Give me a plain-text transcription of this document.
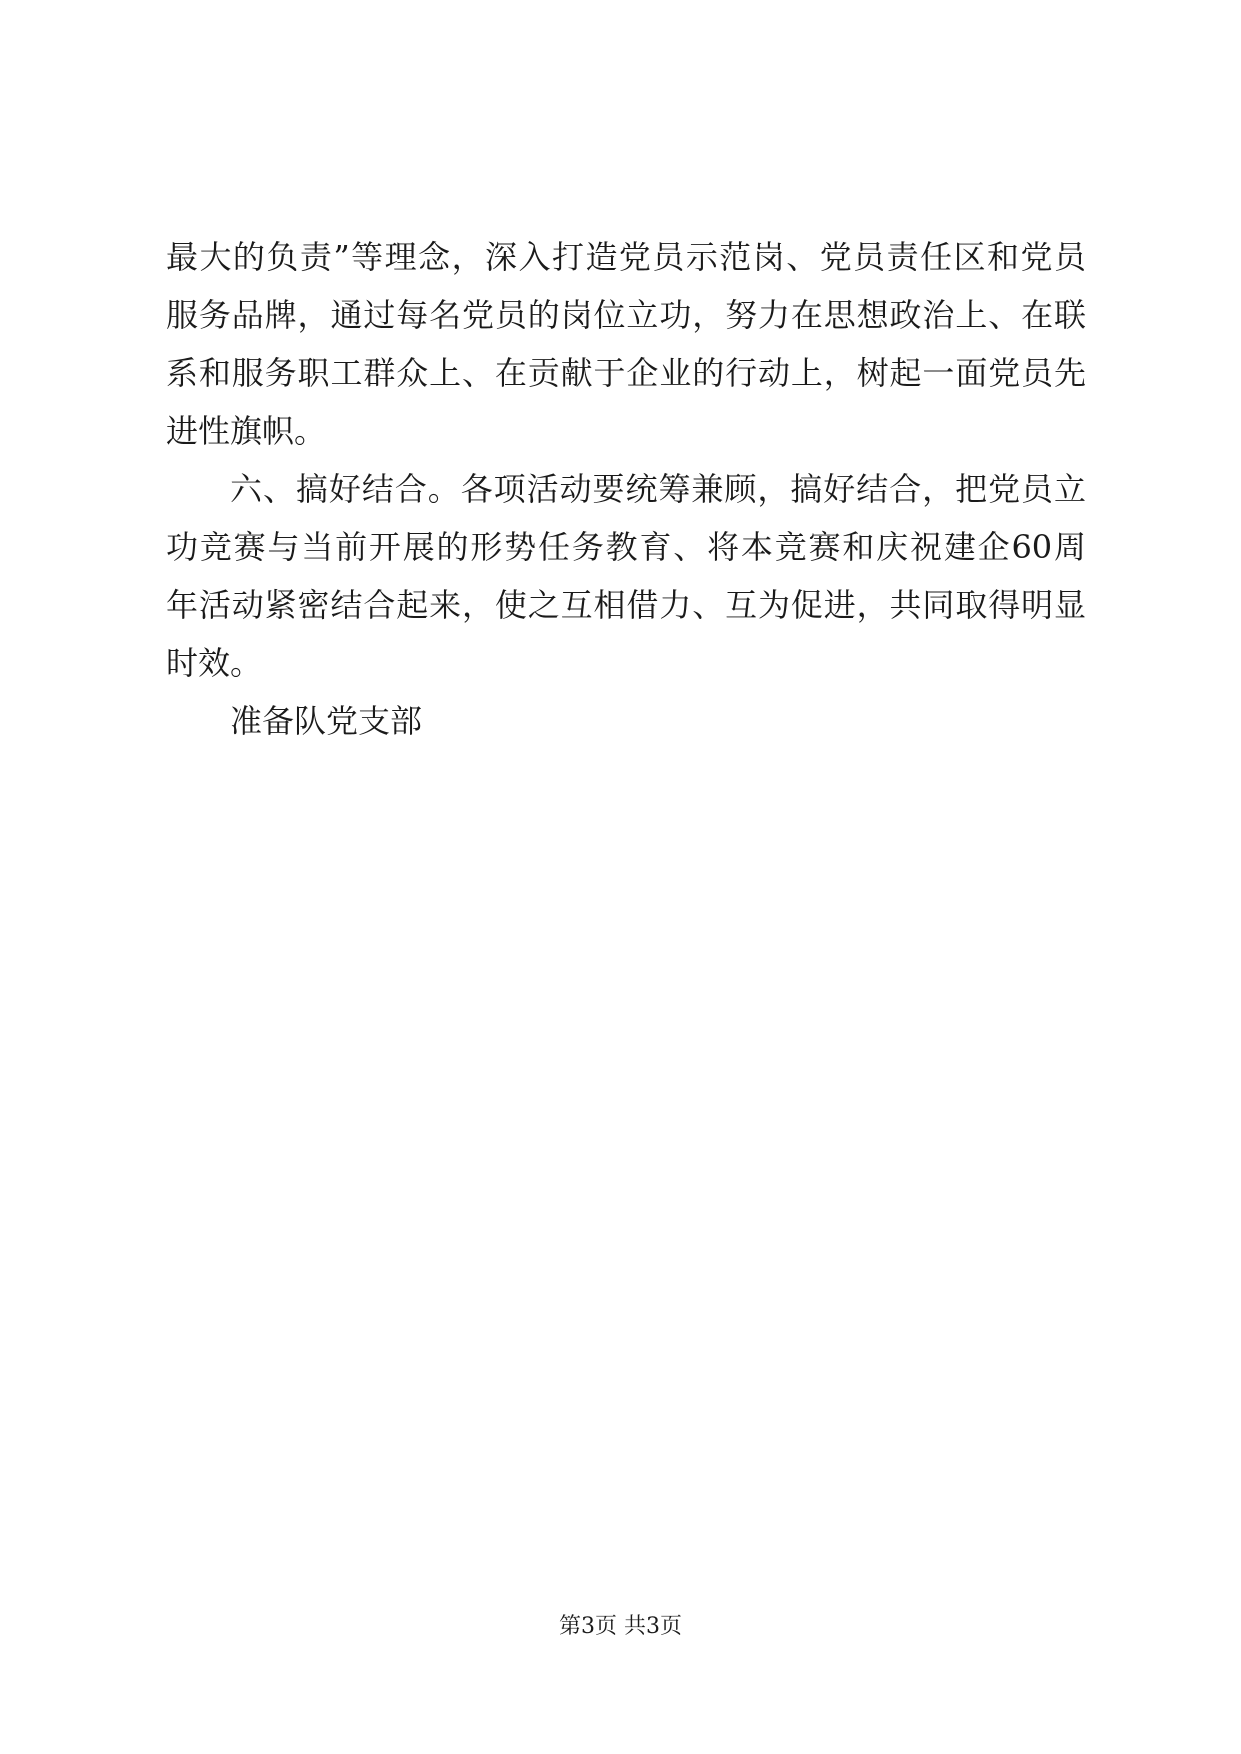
最大的负责”等理念，深入打造党员示范岗、党员责任区和党员
服务品牌，通过每名党员的岗位立功，努力在思想政治上、在联
系和服务职工群众上、在贡献于企业的行动上，树起一面党员先
进性旗帜。
六、搞好结合。各项活动要统筹兼顾，搞好结合，把党员立
功竞赛与当前开展的形势任务教育、将本竞赛和庆祝建企60周
年活动紧密结合起来，使之互相借力、互为促进，共同取得明显
时效。
准备队党支部
第3页 共3页
